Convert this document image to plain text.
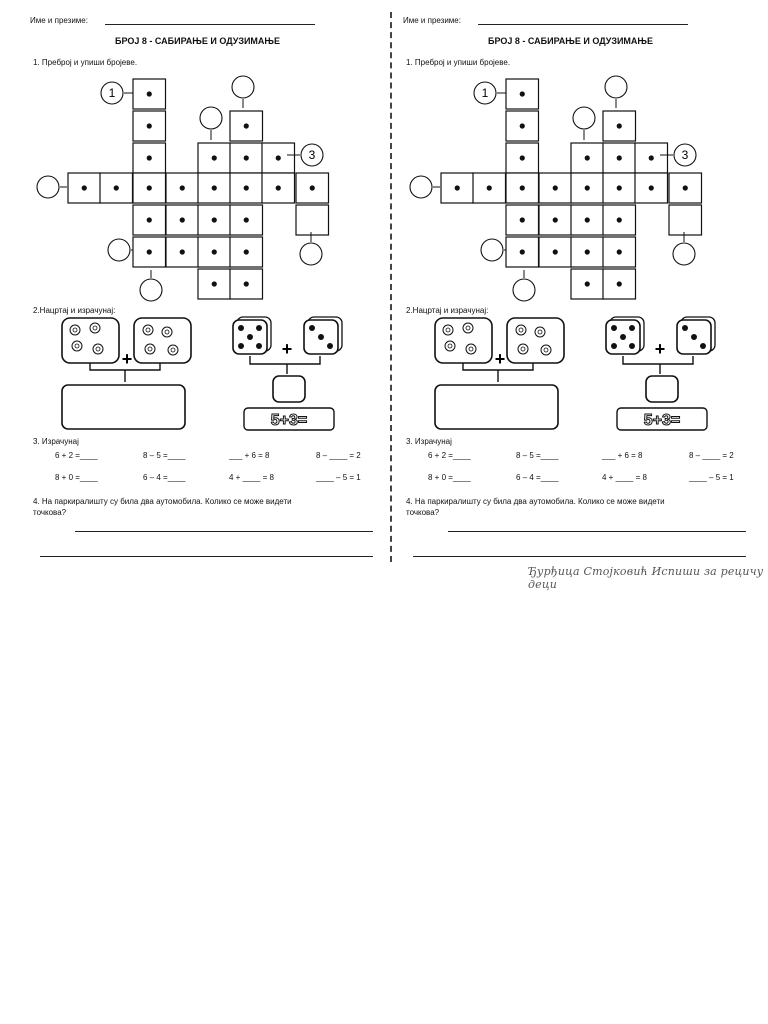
Име и презиме:
БРОЈ 8 - САБИРАЊЕ И ОДУЗИМАЊЕ
1. Преброј и упиши бројеве.
1
3
+	+
5+3=
2.Нацртај и израчунај:
3. Израчунај
6 + 2 =____	8 – 5 =____	___ + 6 = 8	8 – ____ = 2
8 + 0 =____	6 – 4 =____	4 + ____ = 8	____ – 5 = 1
4. На паркиралишту су била два аутомобила. Колико се може видети
точкова?
Име и презиме:
БРОЈ 8 - САБИРАЊЕ И ОДУЗИМАЊЕ
1. Преброј и упиши бројеве.
1
3
+	+
5+3=
2.Нацртај и израчунај:
3. Израчунај
6 + 2 =____	8 – 5 =____	___ + 6 = 8	8 – ____ = 2
8 + 0 =____	6 – 4 =____	4 + ____ = 8	____ – 5 = 1
4. На паркиралишту су била два аутомобила. Колико се може видети
точкова?
Ђурђица Стојковић Испиши за рецичу деци
